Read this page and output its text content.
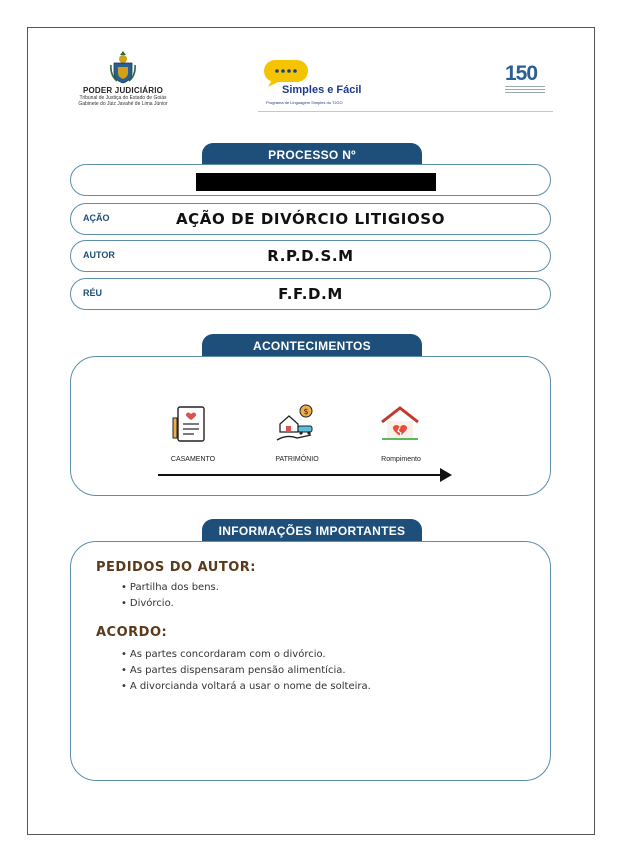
PODER JUDICIÁRIO
Tribunal de Justiça do Estado de Goiás
Gabinete do Juiz Javahé de Lima Júnior
Simples e Fácil
Programa de Linguagem Simples do TJGO
150
PROCESSO Nº
AÇÃO	AÇÃO DE DIVÓRCIO LITIGIOSO
AUTOR	R.P.D.S.M
RÉU	F.F.D.M
ACONTECIMENTOS
CASAMENTO
$
PATRIMÔNIO	Rompimento
INFORMAÇÕES IMPORTANTES
PEDIDOS DO AUTOR:
• Partilha dos bens.
• Divórcio.
ACORDO:
• As partes concordaram com o divórcio.
• As partes dispensaram pensão alimentícia.
• A divorcianda voltará a usar o nome de solteira.
